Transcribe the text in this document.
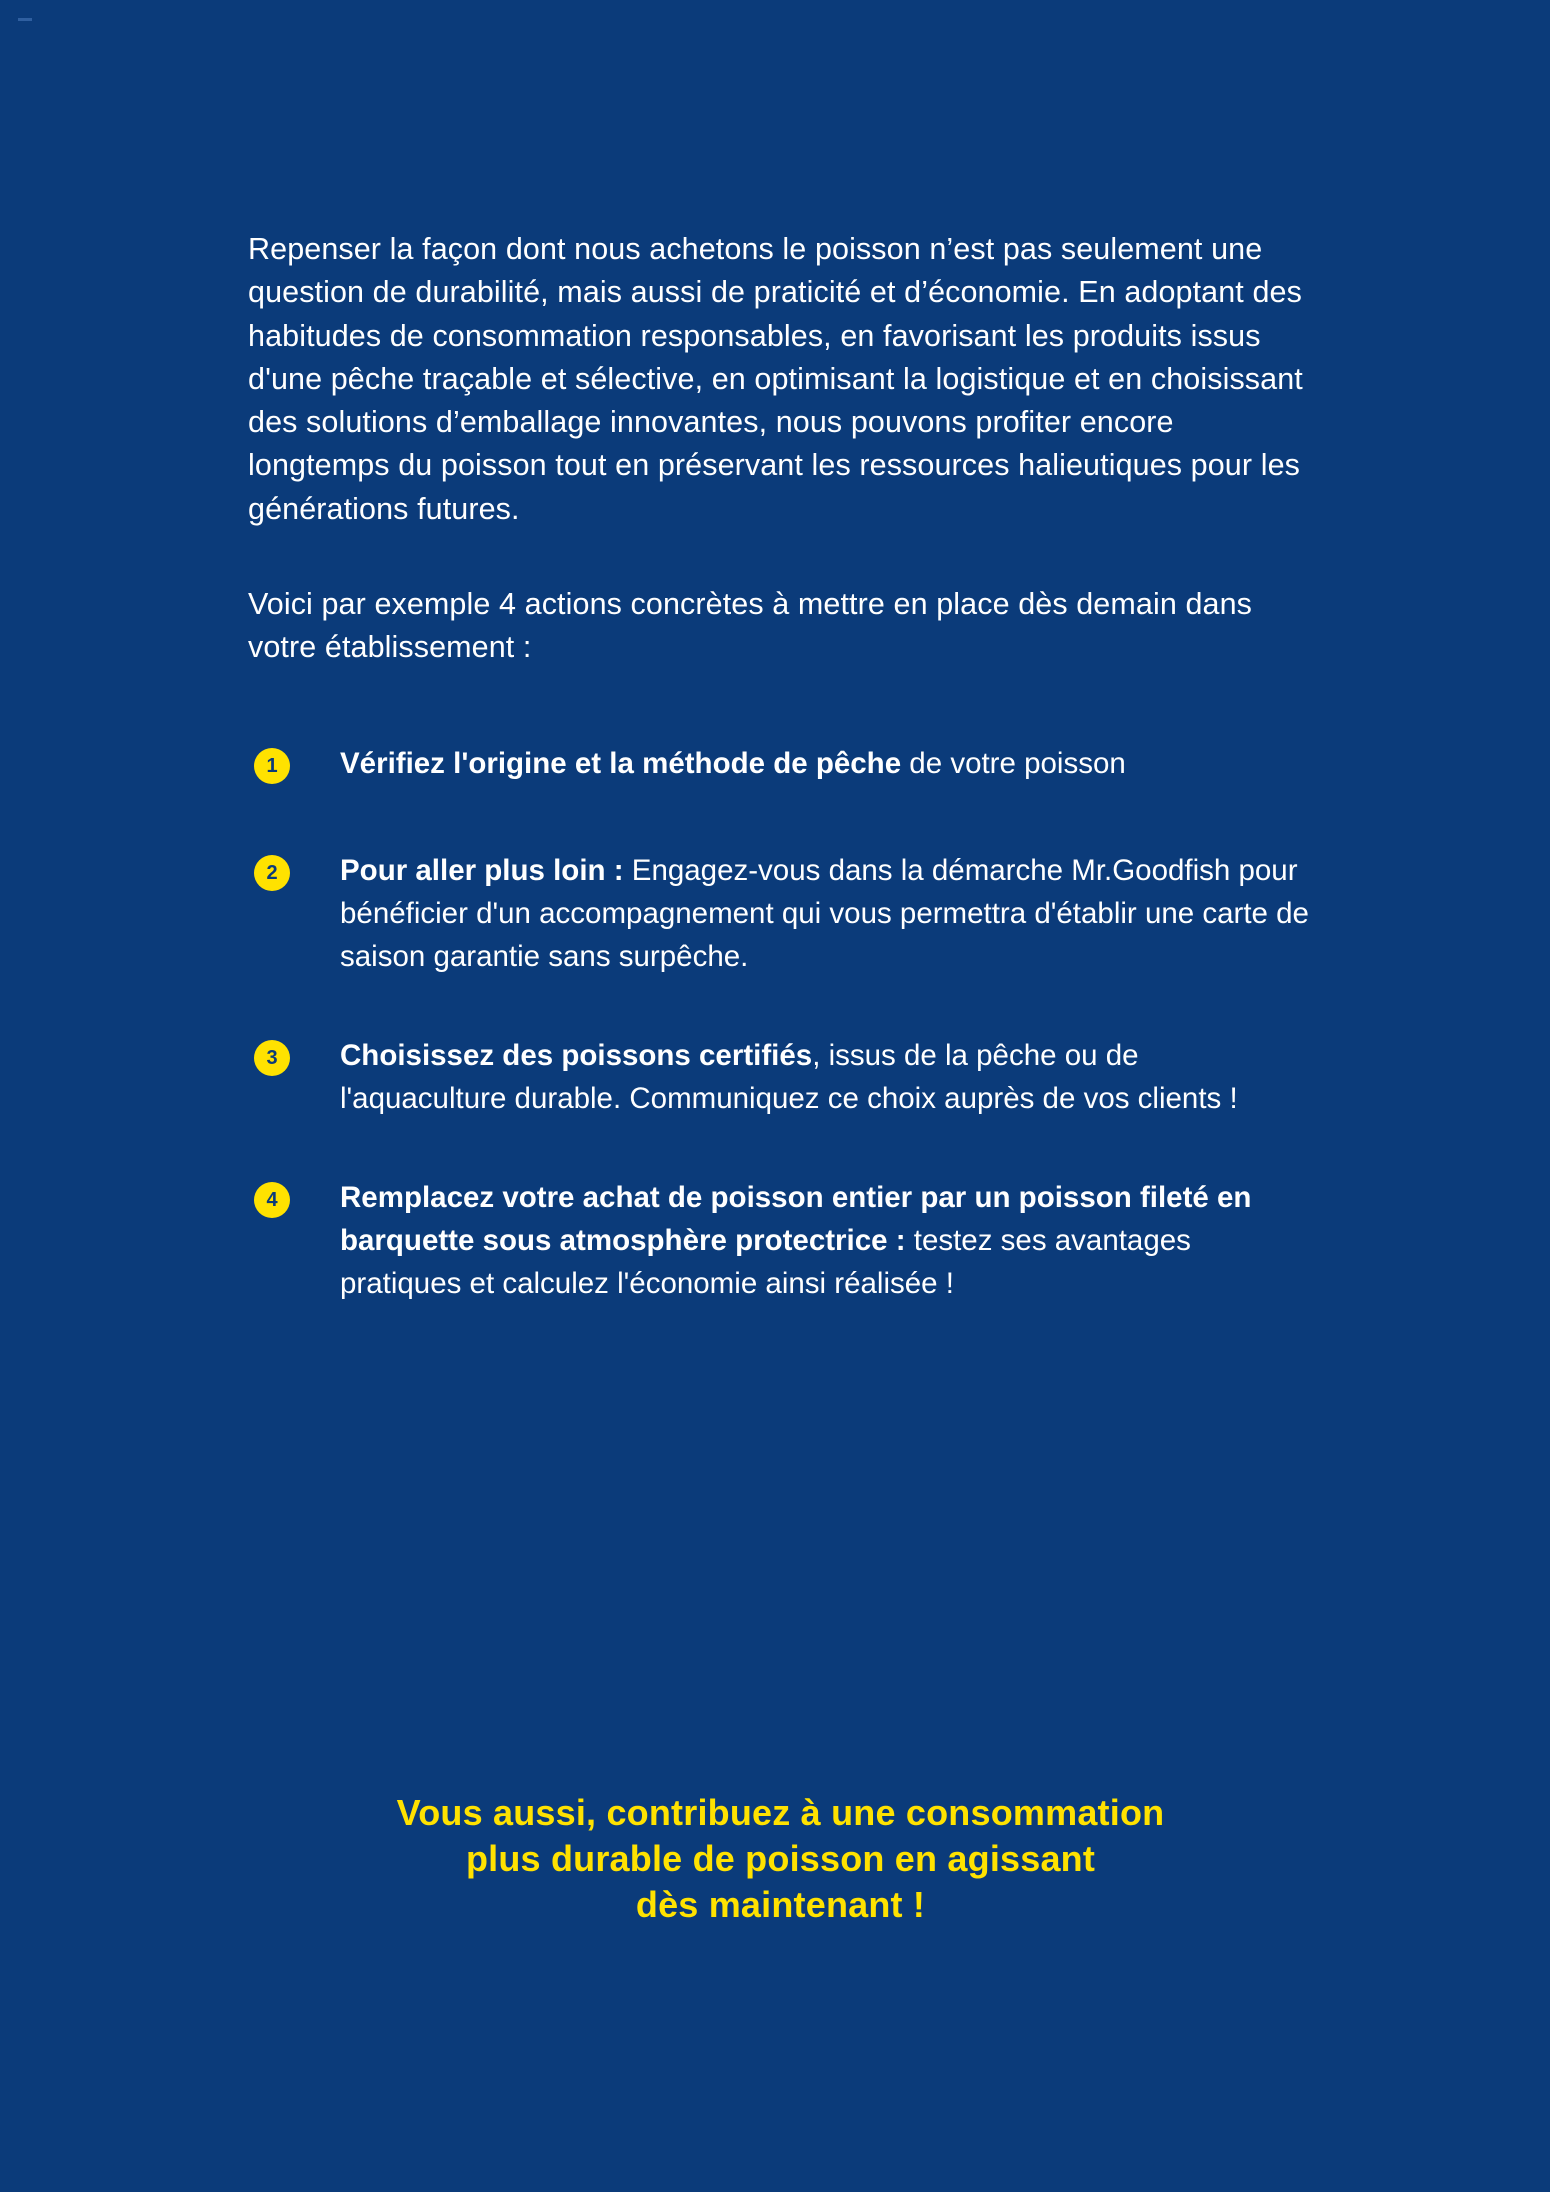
Repenser la façon dont nous achetons le poisson n’est pas seulement une question de durabilité, mais aussi de praticité et d’économie. En adoptant des habitudes de consommation responsables, en favorisant les produits issus d'une pêche traçable et sélective, en optimisant la logistique et en choisissant des solutions d’emballage innovantes, nous pouvons profiter encore longtemps du poisson tout en préservant les ressources halieutiques pour les générations futures.

Voici par exemple 4 actions concrètes à mettre en place dès demain dans votre établissement :

1	Vérifiez l'origine et la méthode de pêche de votre poisson
2	Pour aller plus loin : Engagez-vous dans la démarche Mr.Goodfish pour bénéficier d'un accompagnement qui vous permettra d'établir une carte de saison garantie sans surpêche.
3	Choisissez des poissons certifiés, issus de la pêche ou de l'aquaculture durable. Communiquez ce choix auprès de vos clients !
4	Remplacez votre achat de poisson entier par un poisson fileté en barquette sous atmosphère protectrice : testez ses avantages pratiques et calculez l'économie ainsi réalisée !
Vous aussi, contribuez à une consommation
plus durable de poisson en agissant
dès maintenant !
